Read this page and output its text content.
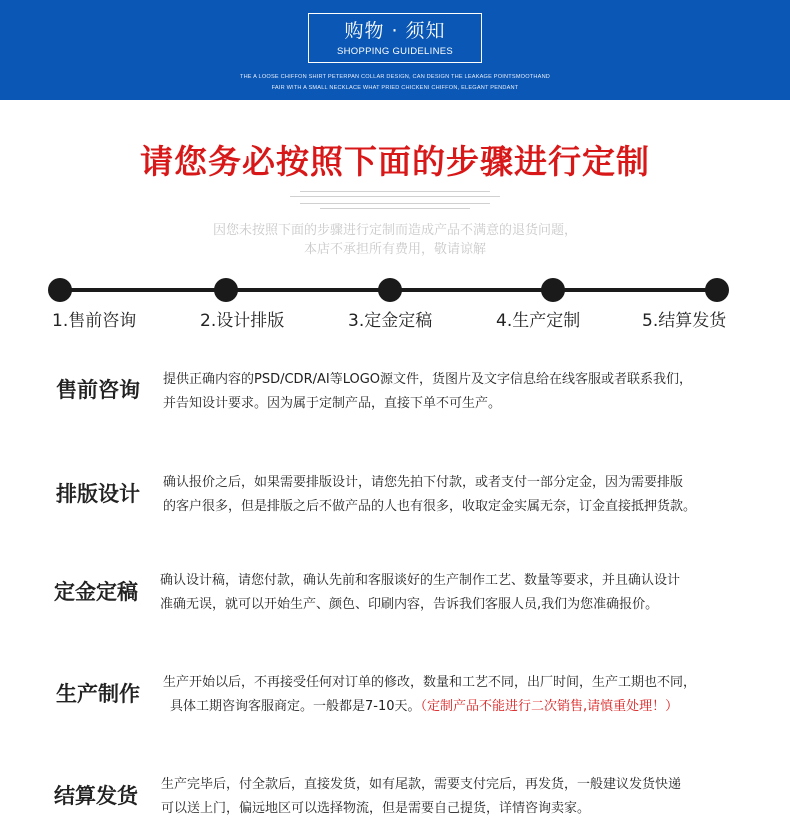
购物 · 须知
SHOPPING GUIDELINES
THE A LOOSE CHIFFON SHIRT PETERPAN COLLAR DESIGN, CAN DESIGN THE LEAKAGE POINTSMOOTHAND
FAIR WITH A SMALL NECKLACE WHAT PRIED CHICKENI CHIFFON, ELEGANT PENDANT
请您务必按照下面的步骤进行定制
因您未按照下面的步骤进行定制而造成产品不满意的退货问题，
本店不承担所有费用，敬请谅解
1.售前咨询	2.设计排版	3.定金定稿	4.生产定制	5.结算发货
售前咨询 提供正确内容的PSD/CDR/AI等LOGO源文件，货图片及文字信息给在线客服或者联系我们，
并告知设计要求。因为属于定制产品，直接下单不可生产。
排版设计 确认报价之后，如果需要排版设计，请您先拍下付款，或者支付一部分定金，因为需要排版
的客户很多，但是排版之后不做产品的人也有很多，收取定金实属无奈，订金直接抵押货款。
定金定稿 确认设计稿，请您付款，确认先前和客服谈好的生产制作工艺、数量等要求，并且确认设计
准确无误，就可以开始生产、颜色、印刷内容，告诉我们客服人员,我们为您准确报价。
生产制作 生产开始以后，不再接受任何对订单的修改，数量和工艺不同，出厂时间，生产工期也不同，
具体工期咨询客服商定。一般都是7-10天。（定制产品不能进行二次销售,请慎重处理！）
结算发货 生产完毕后，付全款后，直接发货，如有尾款，需要支付完后，再发货，一般建议发货快递
可以送上门，偏远地区可以选择物流，但是需要自己提货，详情咨询卖家。
